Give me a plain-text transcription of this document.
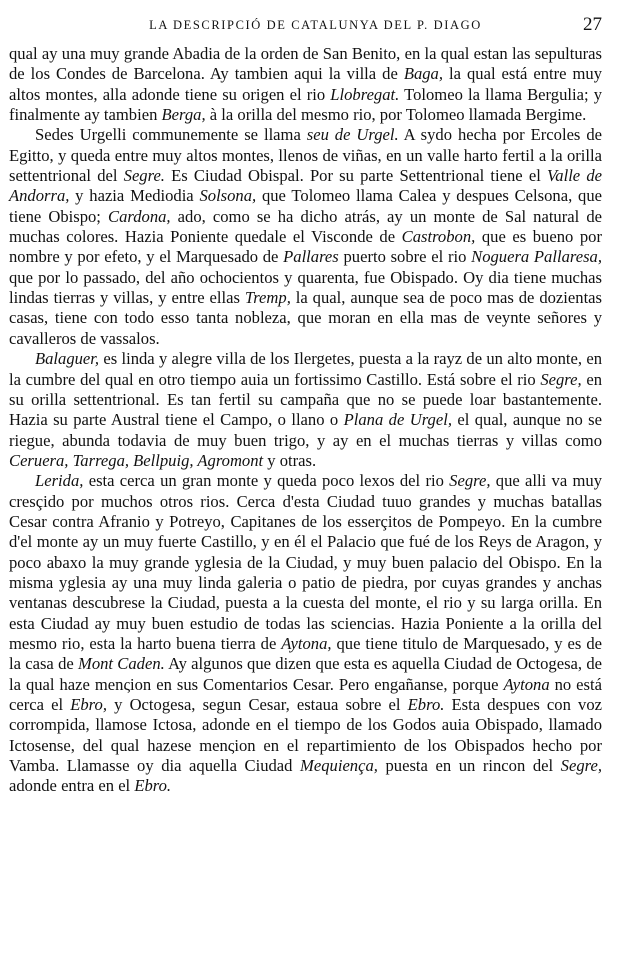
LA DESCRIPCIÓ DE CATALUNYA DEL P. DIAGO	27

qual ay una muy grande Abadia de la orden de San Benito, en la qual estan las sepulturas de los Condes de Barcelona. Ay tambien aqui la villa de Baga, la qual está entre muy altos montes, alla adonde tiene su origen el rio Llobregat. Tolomeo la llama Bergulia; y finalmente ay tambien Berga, à la orilla del mesmo rio, por Tolomeo llamada Bergime.

Sedes Urgelli communemente se llama seu de Urgel. A sydo hecha por Ercoles de Egitto, y queda entre muy altos montes, llenos de viñas, en un valle harto fertil a la orilla settentrional del Segre. Es Ciudad Obispal. Por su parte Settentrional tiene el Valle de Andorra, y hazia Mediodia Solsona, que Tolomeo llama Calea y despues Celsona, que tiene Obispo; Cardona, ado, como se ha dicho atrás, ay un monte de Sal natural de muchas colores. Hazia Poniente quedale el Visconde de Castrobon, que es bueno por nombre y por efeto, y el Marquesado de Pallares puerto sobre el rio Noguera Pallaresa, que por lo passado, del año ochocientos y quarenta, fue Obispado. Oy dia tiene muchas lindas tierras y villas, y entre ellas Tremp, la qual, aunque sea de poco mas de dozientas casas, tiene con todo esso tanta nobleza, que moran en ella mas de veynte señores y cavalleros de vassalos.

Balaguer, es linda y alegre villa de los Ilergetes, puesta a la rayz de un alto monte, en la cumbre del qual en otro tiempo auia un fortissimo Castillo. Está sobre el rio Segre, en su orilla settentrional. Es tan fertil su campaña que no se puede loar bastantemente. Hazia su parte Austral tiene el Campo, o llano o Plana de Urgel, el qual, aunque no se riegue, abunda todavia de muy buen trigo, y ay en el muchas tierras y villas como Ceruera, Tarrega, Bellpuig, Agromont y otras.

Lerida, esta cerca un gran monte y queda poco lexos del rio Segre, que alli va muy cresçido por muchos otros rios. Cerca d'esta Ciudad tuuo grandes y muchas batallas Cesar contra Afranio y Potreyo, Capitanes de los esserçitos de Pompeyo. En la cumbre d'el monte ay un muy fuerte Castillo, y en él el Palacio que fué de los Reys de Aragon, y poco abaxo la muy grande yglesia de la Ciudad, y muy buen palacio del Obispo. En la misma yglesia ay una muy linda galeria o patio de piedra, por cuyas grandes y anchas ventanas descubrese la Ciudad, puesta a la cuesta del monte, el rio y su larga orilla. En esta Ciudad ay muy buen estudio de todas las sciencias. Hazia Poniente a la orilla del mesmo rio, esta la harto buena tierra de Aytona, que tiene titulo de Marquesado, y es de la casa de Mont Caden. Ay algunos que dizen que esta es aquella Ciudad de Octogesa, de la qual haze menςion en sus Comentarios Cesar. Pero engañanse, porque Aytona no está cerca el Ebro, y Octogesa, segun Cesar, estaua sobre el Ebro. Esta despues con voz corrompida, llamose Ictosa, adonde en el tiempo de los Godos auia Obispado, llamado Ictosense, del qual hazese menςion en el repartimiento de los Obispados hecho por Vamba. Llamasse oy dia aquella Ciudad Mequiença, puesta en un rincon del Segre, adonde entra en el Ebro.
